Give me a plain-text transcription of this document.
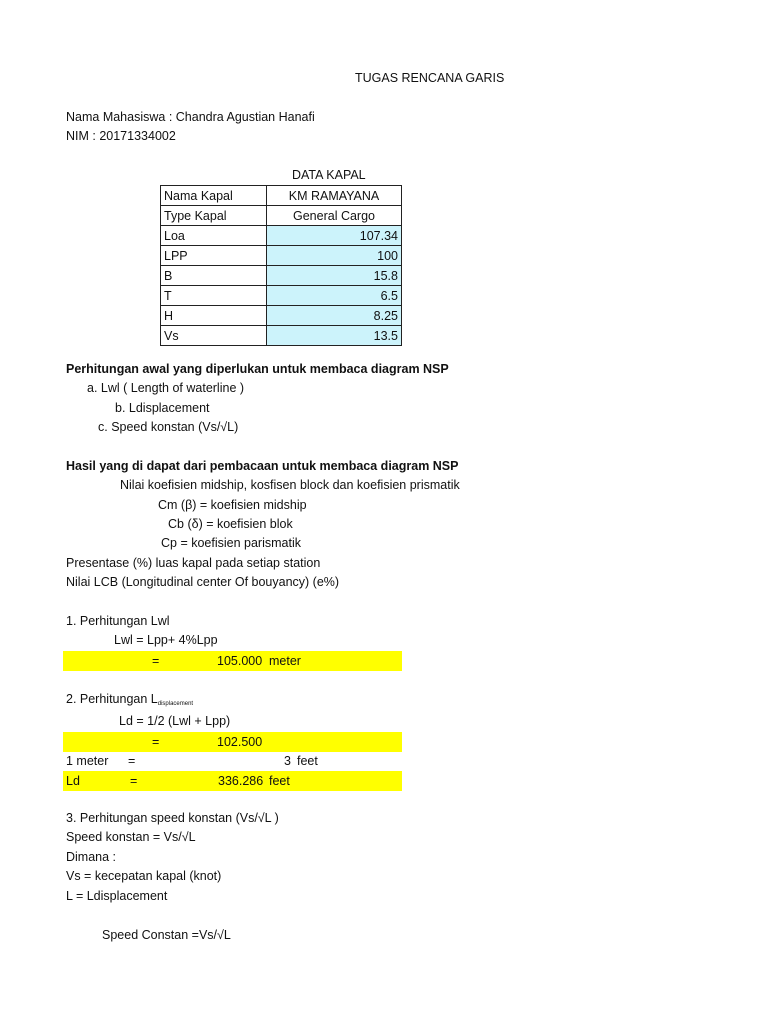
TUGAS RENCANA GARIS
Nama Mahasiswa : Chandra Agustian Hanafi
NIM : 20171334002
DATA KAPAL
Nama Kapal	KM RAMAYANA
Type Kapal	General Cargo
Loa	107.34
LPP	100
B	15.8
T	6.5
H	8.25
Vs	13.5
Perhitungan awal yang diperlukan untuk membaca diagram NSP
a. Lwl ( Length of waterline )
b. Ldisplacement
c. Speed konstan (Vs/√L)
Hasil yang di dapat dari pembacaan untuk membaca diagram NSP
Nilai koefisien midship, kosfisen block dan koefisien prismatik
Cm (β) = koefisien midship
Cb (δ) = koefisien blok
Cp = koefisien parismatik
Presentase (%) luas kapal pada setiap station
Nilai LCB (Longitudinal center Of bouyancy) (e%)
1. Perhitungan Lwl
Lwl = Lpp+ 4%Lpp
=	105.000 meter
2. Perhitungan $L_{displacement}$
Ld = 1/2 (Lwl + Lpp)
=	102.500
1 meter =	3 feet
Ld	=	336.286 feet
3. Perhitungan speed konstan (Vs/√L )
Speed konstan = Vs/√L
Dimana :
Vs = kecepatan kapal (knot)
L = Ldisplacement
Speed Constan =Vs/√L
